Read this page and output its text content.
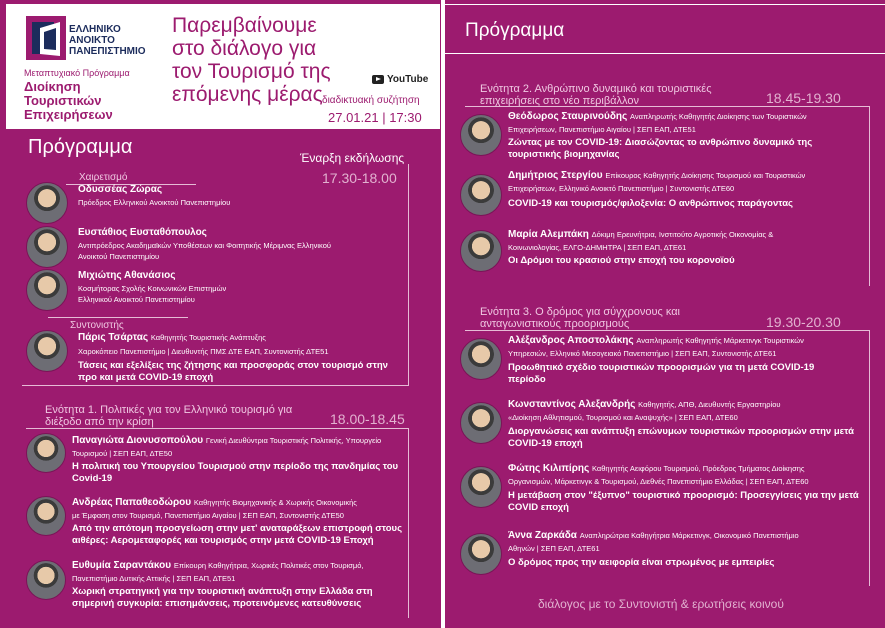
ΕΛΛΗΝΙΚΟ ΑΝΟΙΚΤΟ ΠΑΝΕΠΙΣΤΗΜΙΟ
Μεταπτυχιακό Πρόγραμμα
Διοίκηση Τουριστικών Επιχειρήσεων
Παρεμβαίνουμε στο διάλογο για τον Τουρισμό της επόμενης μέρας
YouTube
διαδικτυακή συζήτηση
27.01.21 | 17:30
Πρόγραμμα	Έναρξη εκδήλωσης
17.30-18.00
Χαιρετισμό
Οδυσσέας Ζώρας
Πρόεδρος Ελληνικού Ανοικτού Πανεπιστημίου
Ευστάθιος Ευσταθόπουλος
Αντιπρόεδρος Ακαδημαϊκών Υποθέσεων και Φοιτητικής Μέριμνας Ελληνικού Ανοικτού Πανεπιστημίου
Μιχιώτης Αθανάσιος
Κοσμήτορας Σχολής Κοινωνικών Επιστημών Ελληνικού Ανοικτού Πανεπιστημίου
Συντονιστής
Πάρις Τσάρτας Καθηγητής Τουριστικής Ανάπτυξης
Χαροκόπειο Πανεπιστήμιο | Διευθυντής ΠΜΣ ΔΤΕ ΕΑΠ, Συντονιστής ΔΤΕ51
Τάσεις και εξελίξεις της ζήτησης και προσφοράς στον τουρισμό στην προ και μετά COVID-19 εποχή
Ενότητα 1. Πολιτικές για τον Ελληνικό τουρισμό για διέξοδο από την κρίση	18.00-18.45
Παναγιώτα Διονυσοπούλου Γενική Διευθύντρια Τουριστικής Πολιτικής, Υπουργείο
Τουρισμού | ΣΕΠ ΕΑΠ, ΔΤΕ50
Η πολιτική του Υπουργείου Τουρισμού στην περίοδο της πανδημίας του Covid-19
Ανδρέας Παπαθεοδώρου Καθηγητής Βιομηχανικής & Χωρικής Οικονομικής
με Έμφαση στον Τουρισμό, Πανεπιστήμιο Αιγαίου | ΣΕΠ ΕΑΠ, Συντονιστής ΔΤΕ50
Από την απότομη προσγείωση στην μετ' αναταράξεων επιστροφή στους αιθέρες: Αερομεταφορές και τουρισμός στην μετά COVID-19 Εποχή
Ευθυμία Σαραντάκου Επίκουρη Καθηγήτρια, Χωρικές Πολιτικές στον Τουρισμό,
Πανεπιστήμιο Δυτικής Αττικής | ΣΕΠ ΕΑΠ, ΔΤΕ51
Χωρική στρατηγική για την τουριστική ανάπτυξη στην Ελλάδα στη σημερινή συγκυρία: επισημάνσεις, προτεινόμενες κατευθύνσεις
Πρόγραμμα
Ενότητα 2. Ανθρώπινο δυναμικό και τουριστικές επιχειρήσεις στο νέο περιβάλλον	18.45-19.30
Θεόδωρος Σταυρινούδης Αναπληρωτής Καθηγητής Διοίκησης των Τουριστικών
Επιχειρήσεων, Πανεπιστήμιο Αιγαίου | ΣΕΠ ΕΑΠ, ΔΤΕ51
Ζώντας με τον COVID-19: Διασώζοντας το ανθρώπινο δυναμικό της τουριστικής βιομηχανίας
Δημήτριος Στεργίου Επίκουρος Καθηγητής Διοίκησης Τουρισμού και Τουριστικών
Επιχειρήσεων, Ελληνικό Ανοικτό Πανεπιστήμιο | Συντονιστής ΔΤΕ60
COVID-19 και τουρισμός/φιλοξενία: Ο ανθρώπινος παράγοντας
Μαρία Αλεμπάκη Δόκιμη Ερευνήτρια, Ινστιτούτο Αγροτικής Οικονομίας &
Κοινωνιολογίας, ΕΛΓΟ-ΔΗΜΗΤΡΑ | ΣΕΠ ΕΑΠ, ΔΤΕ61
Οι Δρόμοι του κρασιού στην εποχή του κορονοϊού
Ενότητα 3. Ο δρόμος για σύγχρονους και ανταγωνιστικούς προορισμούς	19.30-20.30
Αλέξανδρος Αποστολάκης Αναπληρωτής Καθηγητής Μάρκετινγκ Τουριστικών
Υπηρεσιών, Ελληνικό Μεσογειακό Πανεπιστήμιο | ΣΕΠ ΕΑΠ, Συντονιστής ΔΤΕ61
Προωθητικό σχέδιο τουριστικών προορισμών για τη μετά COVID-19 περίοδο
Κωνσταντίνος Αλεξανδρής Καθηγητής, ΑΠΘ, Διευθυντής Εργαστηρίου
«Διοίκηση Αθλητισμού, Τουρισμού και Αναψυχής» | ΣΕΠ ΕΑΠ, ΔΤΕ60
Διοργανώσεις και ανάπτυξη επώνυμων τουριστικών προορισμών στην μετά COVID-19 εποχή
Φώτης Κιλιπίρης Καθηγητής Αειφόρου Τουρισμού, Πρόεδρος Τμήματος Διοίκησης
Οργανισμών, Μάρκετινγκ & Τουρισμού, Διεθνές Πανεπιστήμιο Ελλάδας | ΣΕΠ ΕΑΠ, ΔΤΕ60
Η μετάβαση στον "έξυπνο" τουριστικό προορισμό: Προσεγγίσεις για την μετά COVID εποχή
Άννα Ζαρκάδα Αναπληρώτρια Καθηγήτρια Μάρκετινγκ, Οικονομικό Πανεπιστήμιο
Αθηνών | ΣΕΠ ΕΑΠ, ΔΤΕ61
Ο δρόμος προς την αειφορία είναι στρωμένος με εμπειρίες
διάλογος με το Συντονιστή & ερωτήσεις κοινού
